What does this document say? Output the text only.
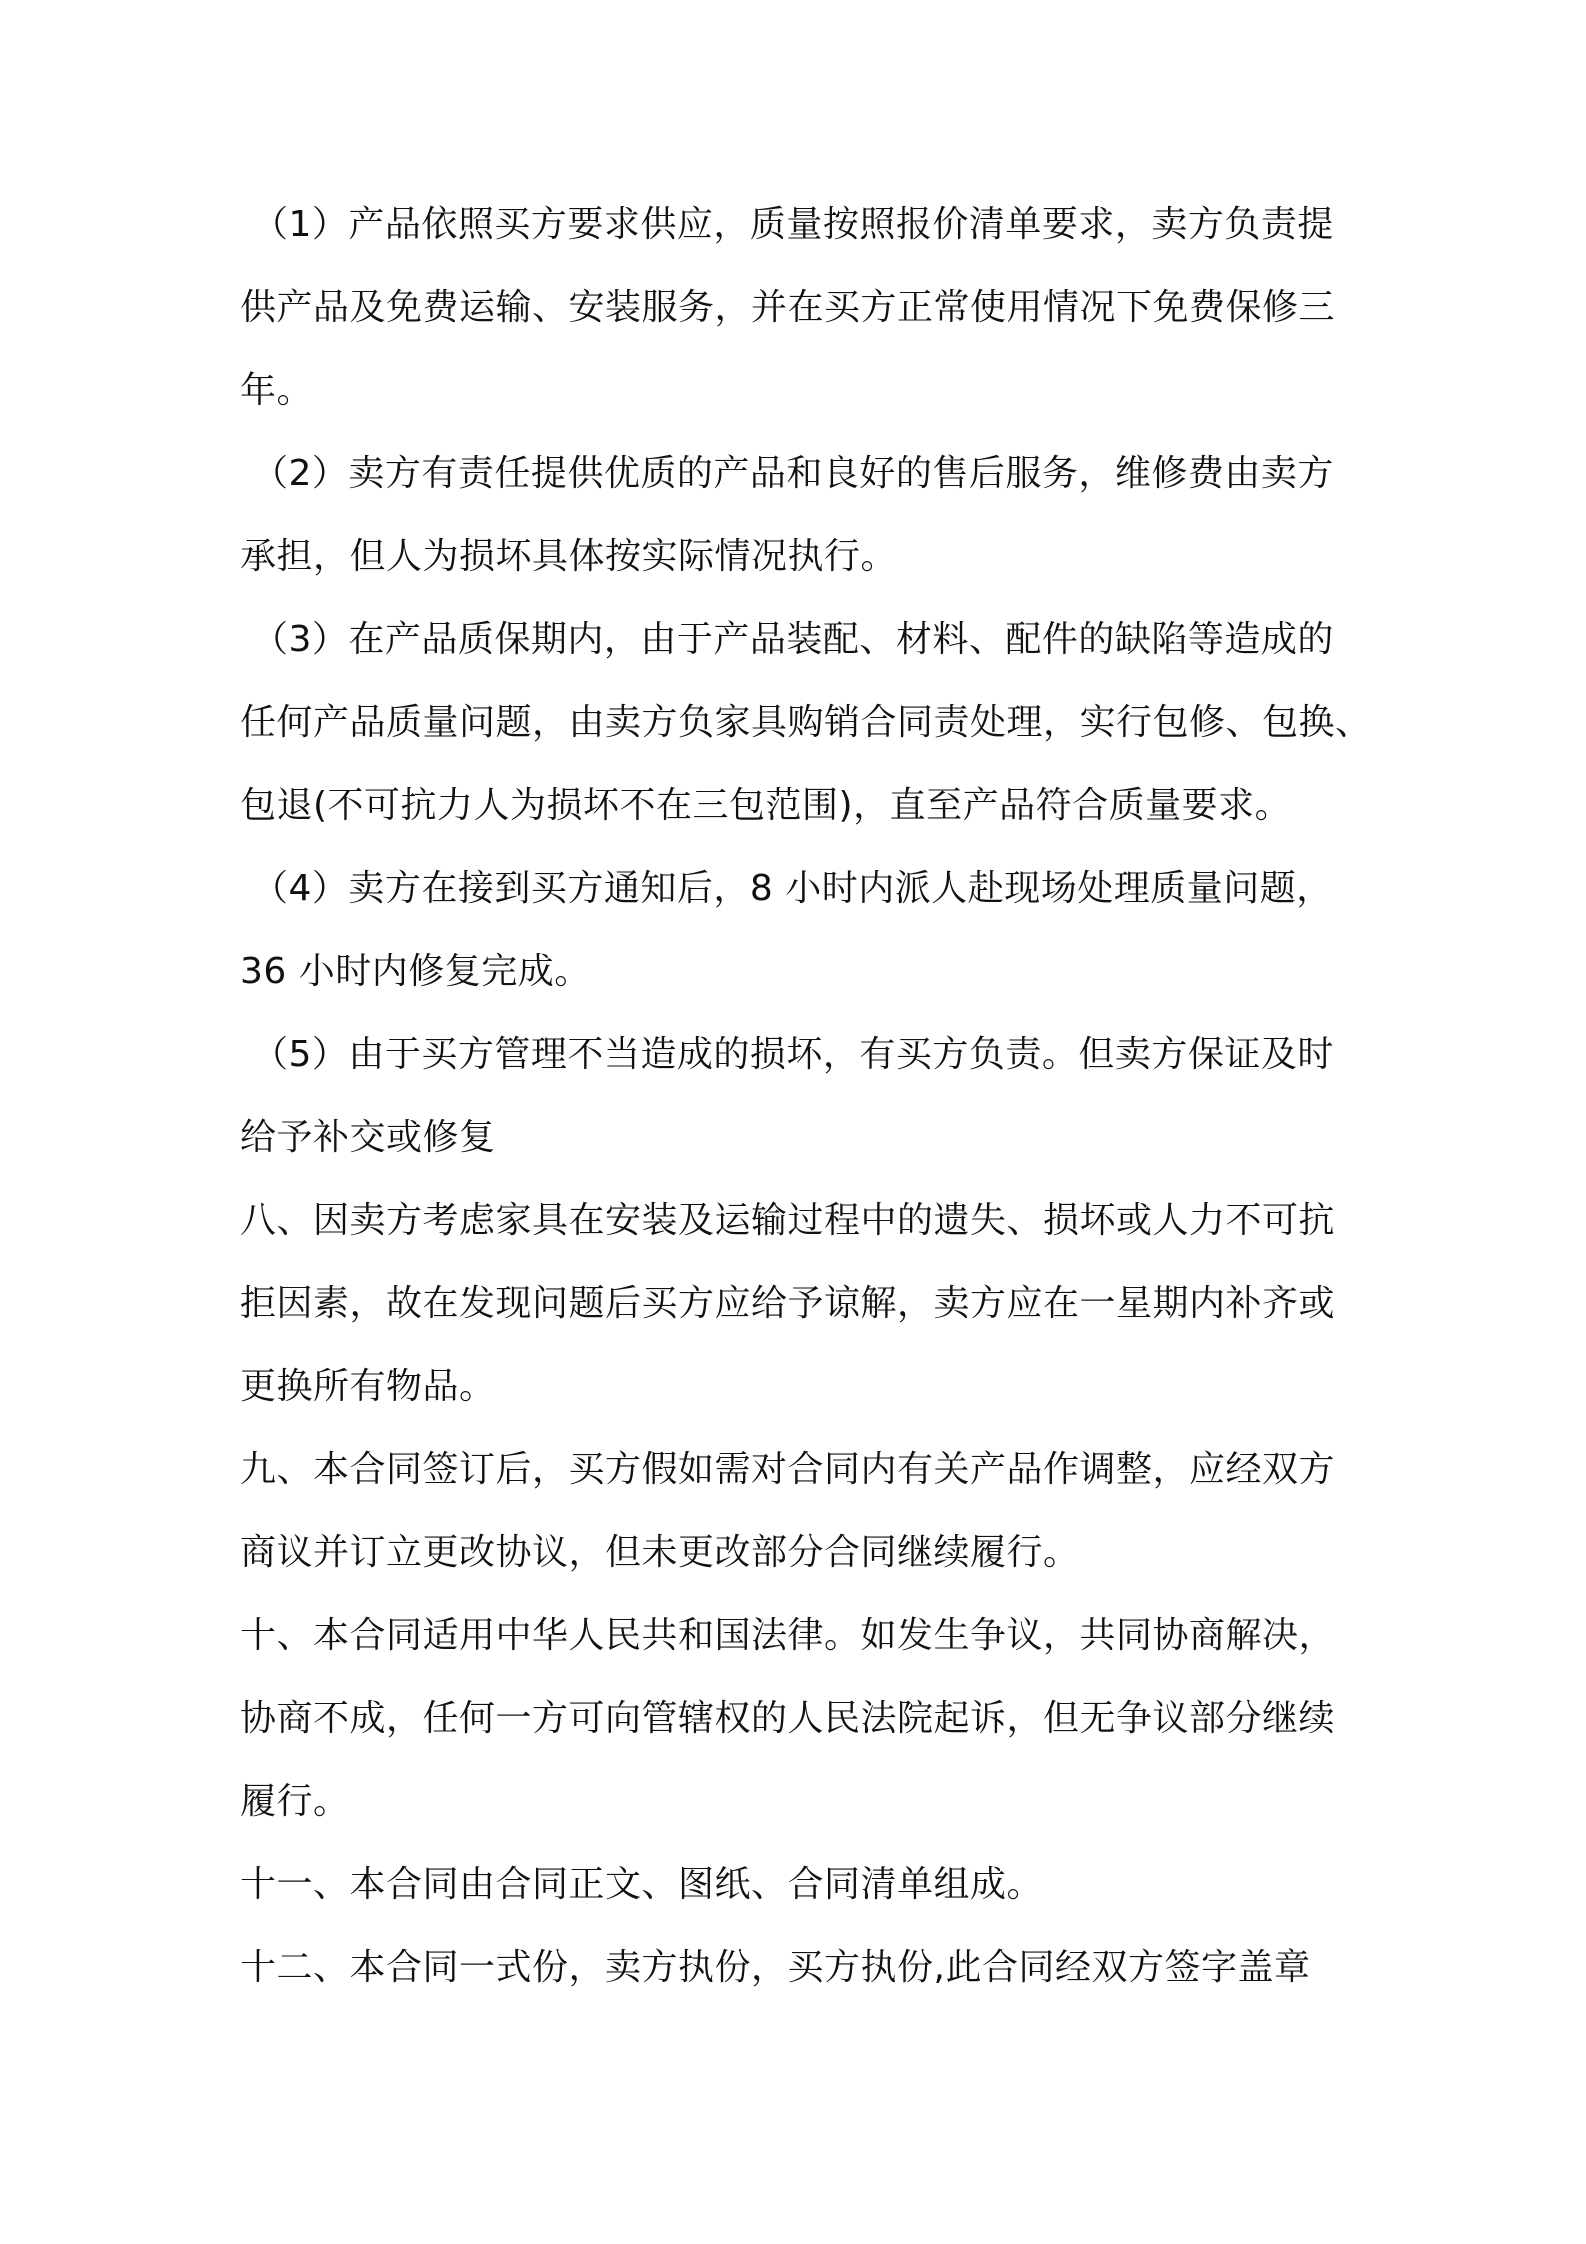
（1）产品依照买方要求供应，质量按照报价清单要求，卖方负责提
供产品及免费运输、安装服务，并在买方正常使用情况下免费保修三
年。
（2）卖方有责任提供优质的产品和良好的售后服务，维修费由卖方
承担，但人为损坏具体按实际情况执行。
（3）在产品质保期内，由于产品装配、材料、配件的缺陷等造成的
任何产品质量问题，由卖方负家具购销合同责处理，实行包修、包换、
包退(不可抗力人为损坏不在三包范围)，直至产品符合质量要求。
（4）卖方在接到买方通知后，8 小时内派人赴现场处理质量问题，
36 小时内修复完成。
（5）由于买方管理不当造成的损坏，有买方负责。但卖方保证及时
给予补交或修复
八、因卖方考虑家具在安装及运输过程中的遗失、损坏或人力不可抗
拒因素，故在发现问题后买方应给予谅解，卖方应在一星期内补齐或
更换所有物品。
九、本合同签订后，买方假如需对合同内有关产品作调整，应经双方
商议并订立更改协议，但未更改部分合同继续履行。
十、本合同适用中华人民共和国法律。如发生争议，共同协商解决，
协商不成，任何一方可向管辖权的人民法院起诉，但无争议部分继续
履行。
十一、本合同由合同正文、图纸、合同清单组成。
十二、本合同一式份，卖方执份，买方执份,此合同经双方签字盖章
